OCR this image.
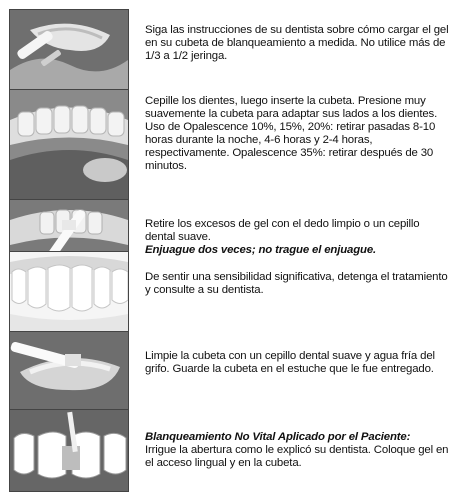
Siga las instrucciones de su dentista sobre cómo cargar el gel en su cubeta de blanqueamiento a medida. No utilice más de 1/3 a 1/2 jeringa.

Cepille los dientes, luego inserte la cubeta. Presione muy suavemente la cubeta para adaptar sus lados a los dientes. Uso de Opalescence 10%, 15%, 20%: retirar pasadas 8-10 horas durante la noche, 4-6 horas y 2-4 horas, respectivamente. Opalescence 35%: retirar después de 30 minutos.

Retire los excesos de gel con el dedo limpio o un cepillo dental suave.

Enjuague dos veces; no trague el enjuague.

De sentir una sensibilidad significativa, detenga el tratamiento y consulte a su dentista.

Limpie la cubeta con un cepillo dental suave y agua fría del grifo. Guarde la cubeta en el estuche que le fue entregado.

Blanqueamiento No Vital Aplicado por el Paciente:

Irrigue la abertura como le explicó su dentista. Coloque gel en el acceso lingual y en la cubeta.
